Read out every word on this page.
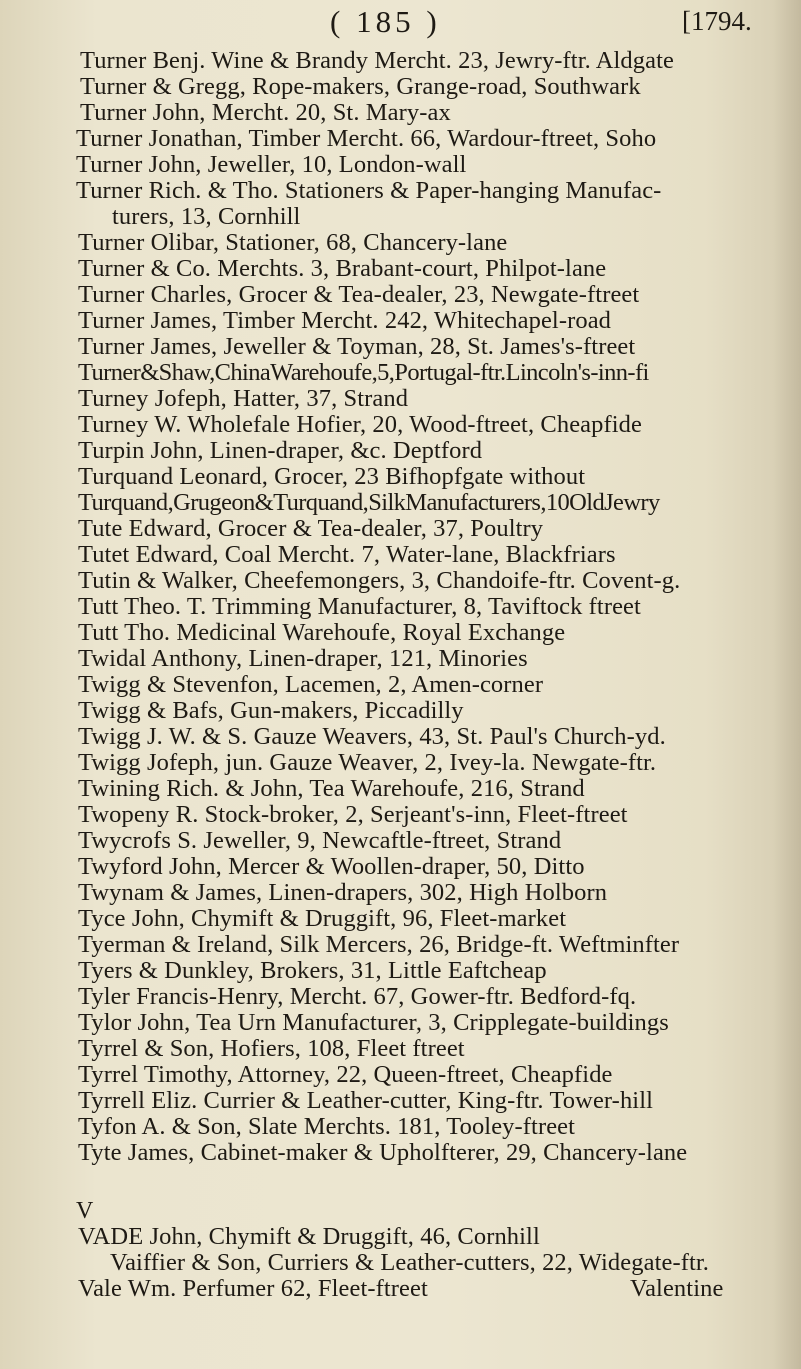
( 185 )	[1794.
V
Turner Benj. Wine & Brandy Mercht. 23, Jewry-ftr. Aldgate
Turner & Gregg, Rope-makers, Grange-road, Southwark
Turner John, Mercht. 20, St. Mary-ax
Turner Jonathan, Timber Mercht. 66, Wardour-ftreet, Soho
Turner John, Jeweller, 10, London-wall
Turner Rich. & Tho. Stationers & Paper-hanging Manufac-
turers, 13, Cornhill
Turner Olibar, Stationer, 68, Chancery-lane
Turner & Co. Merchts. 3, Brabant-court, Philpot-lane
Turner Charles, Grocer & Tea-dealer, 23, Newgate-ftreet
Turner James, Timber Mercht. 242, Whitechapel-road
Turner James, Jeweller & Toyman, 28, St. James's-ftreet
Turner&Shaw,ChinaWarehoufe,5,Portugal-ftr.Lincoln's-inn-fi
Turney Jofeph, Hatter, 37, Strand
Turney W. Wholefale Hofier, 20, Wood-ftreet, Cheapfide
Turpin John, Linen-draper, &c. Deptford
Turquand Leonard, Grocer, 23 Bifhopfgate without
Turquand,Grugeon&Turquand,SilkManufacturers,10OldJewry
Tute Edward, Grocer & Tea-dealer, 37, Poultry
Tutet Edward, Coal Mercht. 7, Water-lane, Blackfriars
Tutin & Walker, Cheefemongers, 3, Chandoife-ftr. Covent-g.
Tutt Theo. T. Trimming Manufacturer, 8, Taviftock ftreet
Tutt Tho. Medicinal Warehoufe, Royal Exchange
Twidal Anthony, Linen-draper, 121, Minories
Twigg & Stevenfon, Lacemen, 2, Amen-corner
Twigg & Bafs, Gun-makers, Piccadilly
Twigg J. W. & S. Gauze Weavers, 43, St. Paul's Church-yd.
Twigg Jofeph, jun. Gauze Weaver, 2, Ivey-la. Newgate-ftr.
Twining Rich. & John, Tea Warehoufe, 216, Strand
Twopeny R. Stock-broker, 2, Serjeant's-inn, Fleet-ftreet
Twycrofs S. Jeweller, 9, Newcaftle-ftreet, Strand
Twyford John, Mercer & Woollen-draper, 50, Ditto
Twynam & James, Linen-drapers, 302, High Holborn
Tyce John, Chymift & Druggift, 96, Fleet-market
Tyerman & Ireland, Silk Mercers, 26, Bridge-ft. Weftminfter
Tyers & Dunkley, Brokers, 31, Little Eaftcheap
Tyler Francis-Henry, Mercht. 67, Gower-ftr. Bedford-fq.
Tylor John, Tea Urn Manufacturer, 3, Cripplegate-buildings
Tyrrel & Son, Hofiers, 108, Fleet ftreet
Tyrrel Timothy, Attorney, 22, Queen-ftreet, Cheapfide
Tyrrell Eliz. Currier & Leather-cutter, King-ftr. Tower-hill
Tyfon A. & Son, Slate Merchts. 181, Tooley-ftreet
Tyte James, Cabinet-maker & Upholfterer, 29, Chancery-lane
VADE John, Chymift & Druggift, 46, Cornhill
Vaiffier & Son, Curriers & Leather-cutters, 22, Widegate-ftr.
Vale Wm. Perfumer 62, Fleet-ftreet	Valentine
